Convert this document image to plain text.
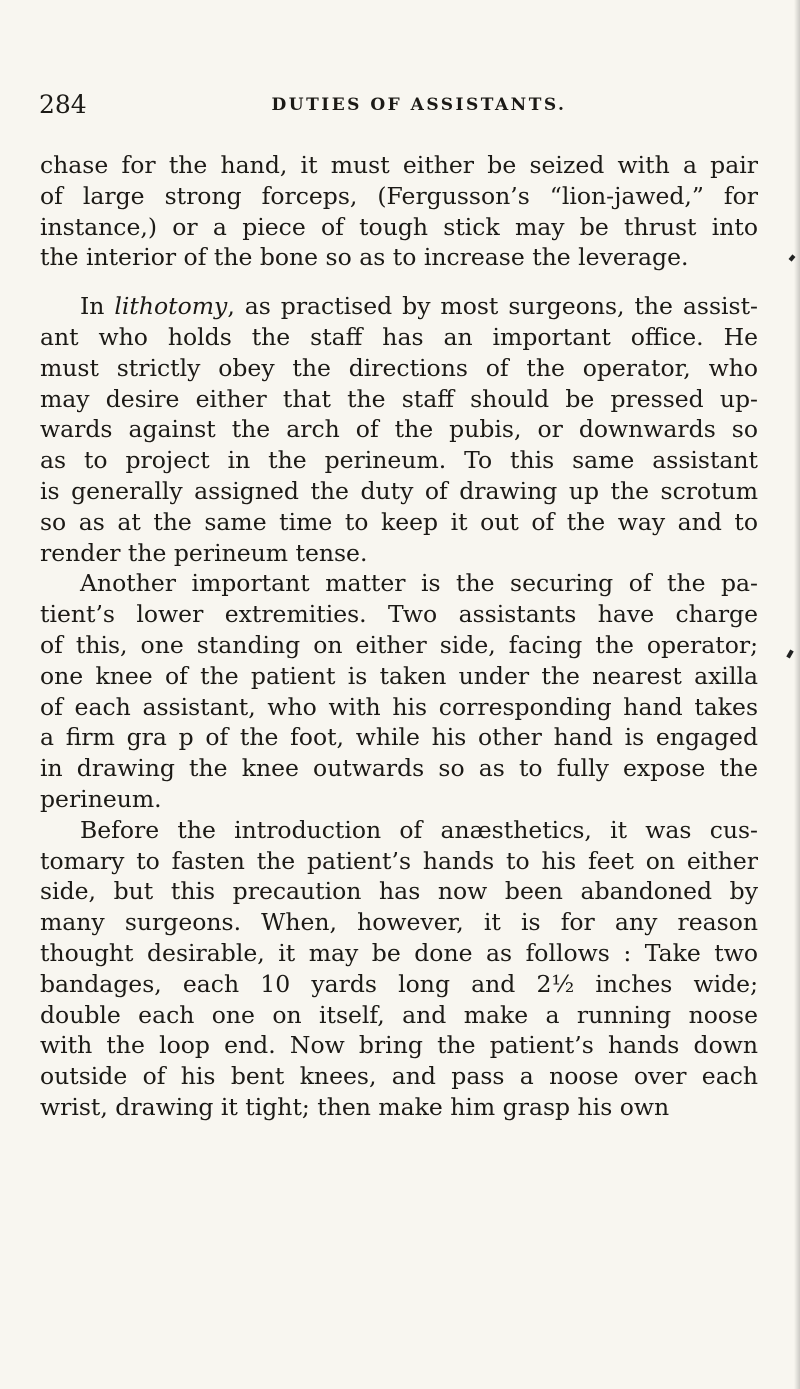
284	DUTIES OF ASSISTANTS.
chase for the hand, it must either be seized with a pair
of large strong forceps, (Fergusson’s “lion-jawed,” for
instance,) or a piece of tough stick may be thrust into
the interior of the bone so as to increase the leverage.
In lithotomy, as practised by most surgeons, the assist-
ant who holds the staff has an important office. He
must strictly obey the directions of the operator, who
may desire either that the staff should be pressed up-
wards against the arch of the pubis, or downwards so
as to project in the perineum. To this same assistant
is generally assigned the duty of drawing up the scrotum
so as at the same time to keep it out of the way and to
render the perineum tense.
Another important matter is the securing of the pa-
tient’s lower extremities. Two assistants have charge
of this, one standing on either side, facing the operator;
one knee of the patient is taken under the nearest axilla
of each assistant, who with his corresponding hand takes
a firm gra p of the foot, while his other hand is engaged
in drawing the knee outwards so as to fully expose the
perineum.
Before the introduction of anæsthetics, it was cus-
tomary to fasten the patient’s hands to his feet on either
side, but this precaution has now been abandoned by
many surgeons. When, however, it is for any reason
thought desirable, it may be done as follows : Take two
bandages, each 10 yards long and 2½ inches wide;
double each one on itself, and make a running noose
with the loop end. Now bring the patient’s hands down
outside of his bent knees, and pass a noose over each
wrist, drawing it tight; then make him grasp his own
